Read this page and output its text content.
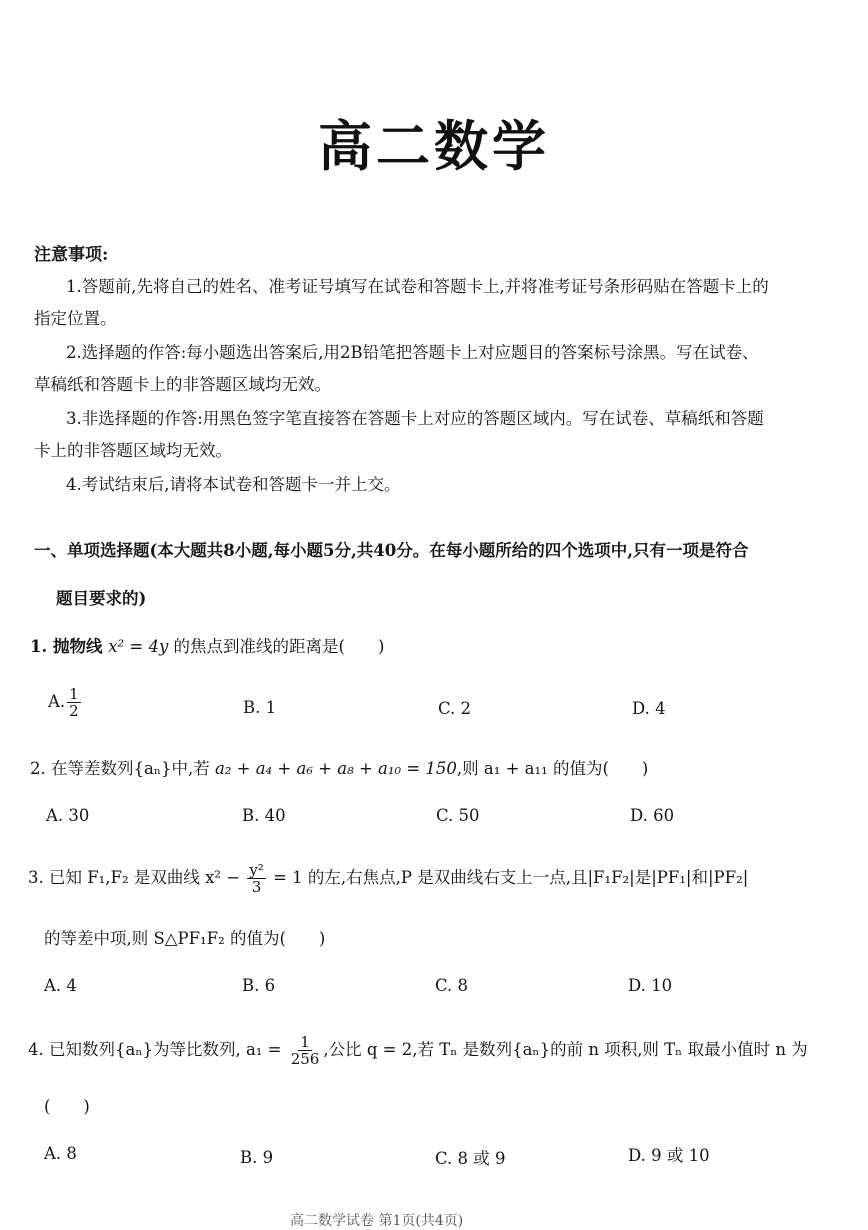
高二数学
注意事项:
1.答题前,先将自己的姓名、准考证号填写在试卷和答题卡上,并将准考证号条形码贴在答题卡上的
指定位置。
2.选择题的作答:每小题选出答案后,用2B铅笔把答题卡上对应题目的答案标号涂黑。写在试卷、
草稿纸和答题卡上的非答题区域均无效。
3.非选择题的作答:用黑色签字笔直接答在答题卡上对应的答题区域内。写在试卷、草稿纸和答题
卡上的非答题区域均无效。
4.考试结束后,请将本试卷和答题卡一并上交。
一、单项选择题(本大题共8小题,每小题5分,共40分。在每小题所给的四个选项中,只有一项是符合
题目要求的)
1. 抛物线 x² = 4y 的焦点到准线的距离是(　　)
A. $\frac{1}{2}$	B. 1	C. 2	D. 4
2. 在等差数列{aₙ}中,若 a₂ + a₄ + a₆ + a₈ + a₁₀ = 150,则 a₁ + a₁₁ 的值为(　　)
A. 30	B. 40	C. 50	D. 60
3. 已知 F₁,F₂ 是双曲线 $x^2 - \frac{\text{y²}}{3} = 1$ 的左,右焦点,P 是双曲线右支上一点,且|F₁F₂|是|PF₁|和|PF₂|
的等差中项,则 S△PF₁F₂ 的值为(　　)
A. 4	B. 6	C. 8	D. 10
4. 已知数列{aₙ}为等比数列, $a_1 = \frac{1}{256}$ ,公比 q = 2,若 Tₙ 是数列{aₙ}的前 n 项积,则 Tₙ 取最小值时 n 为
(　　)
A. 8	B. 9	C. 8 或 9	D. 9 或 10
高二数学试卷 第1页(共4页)
